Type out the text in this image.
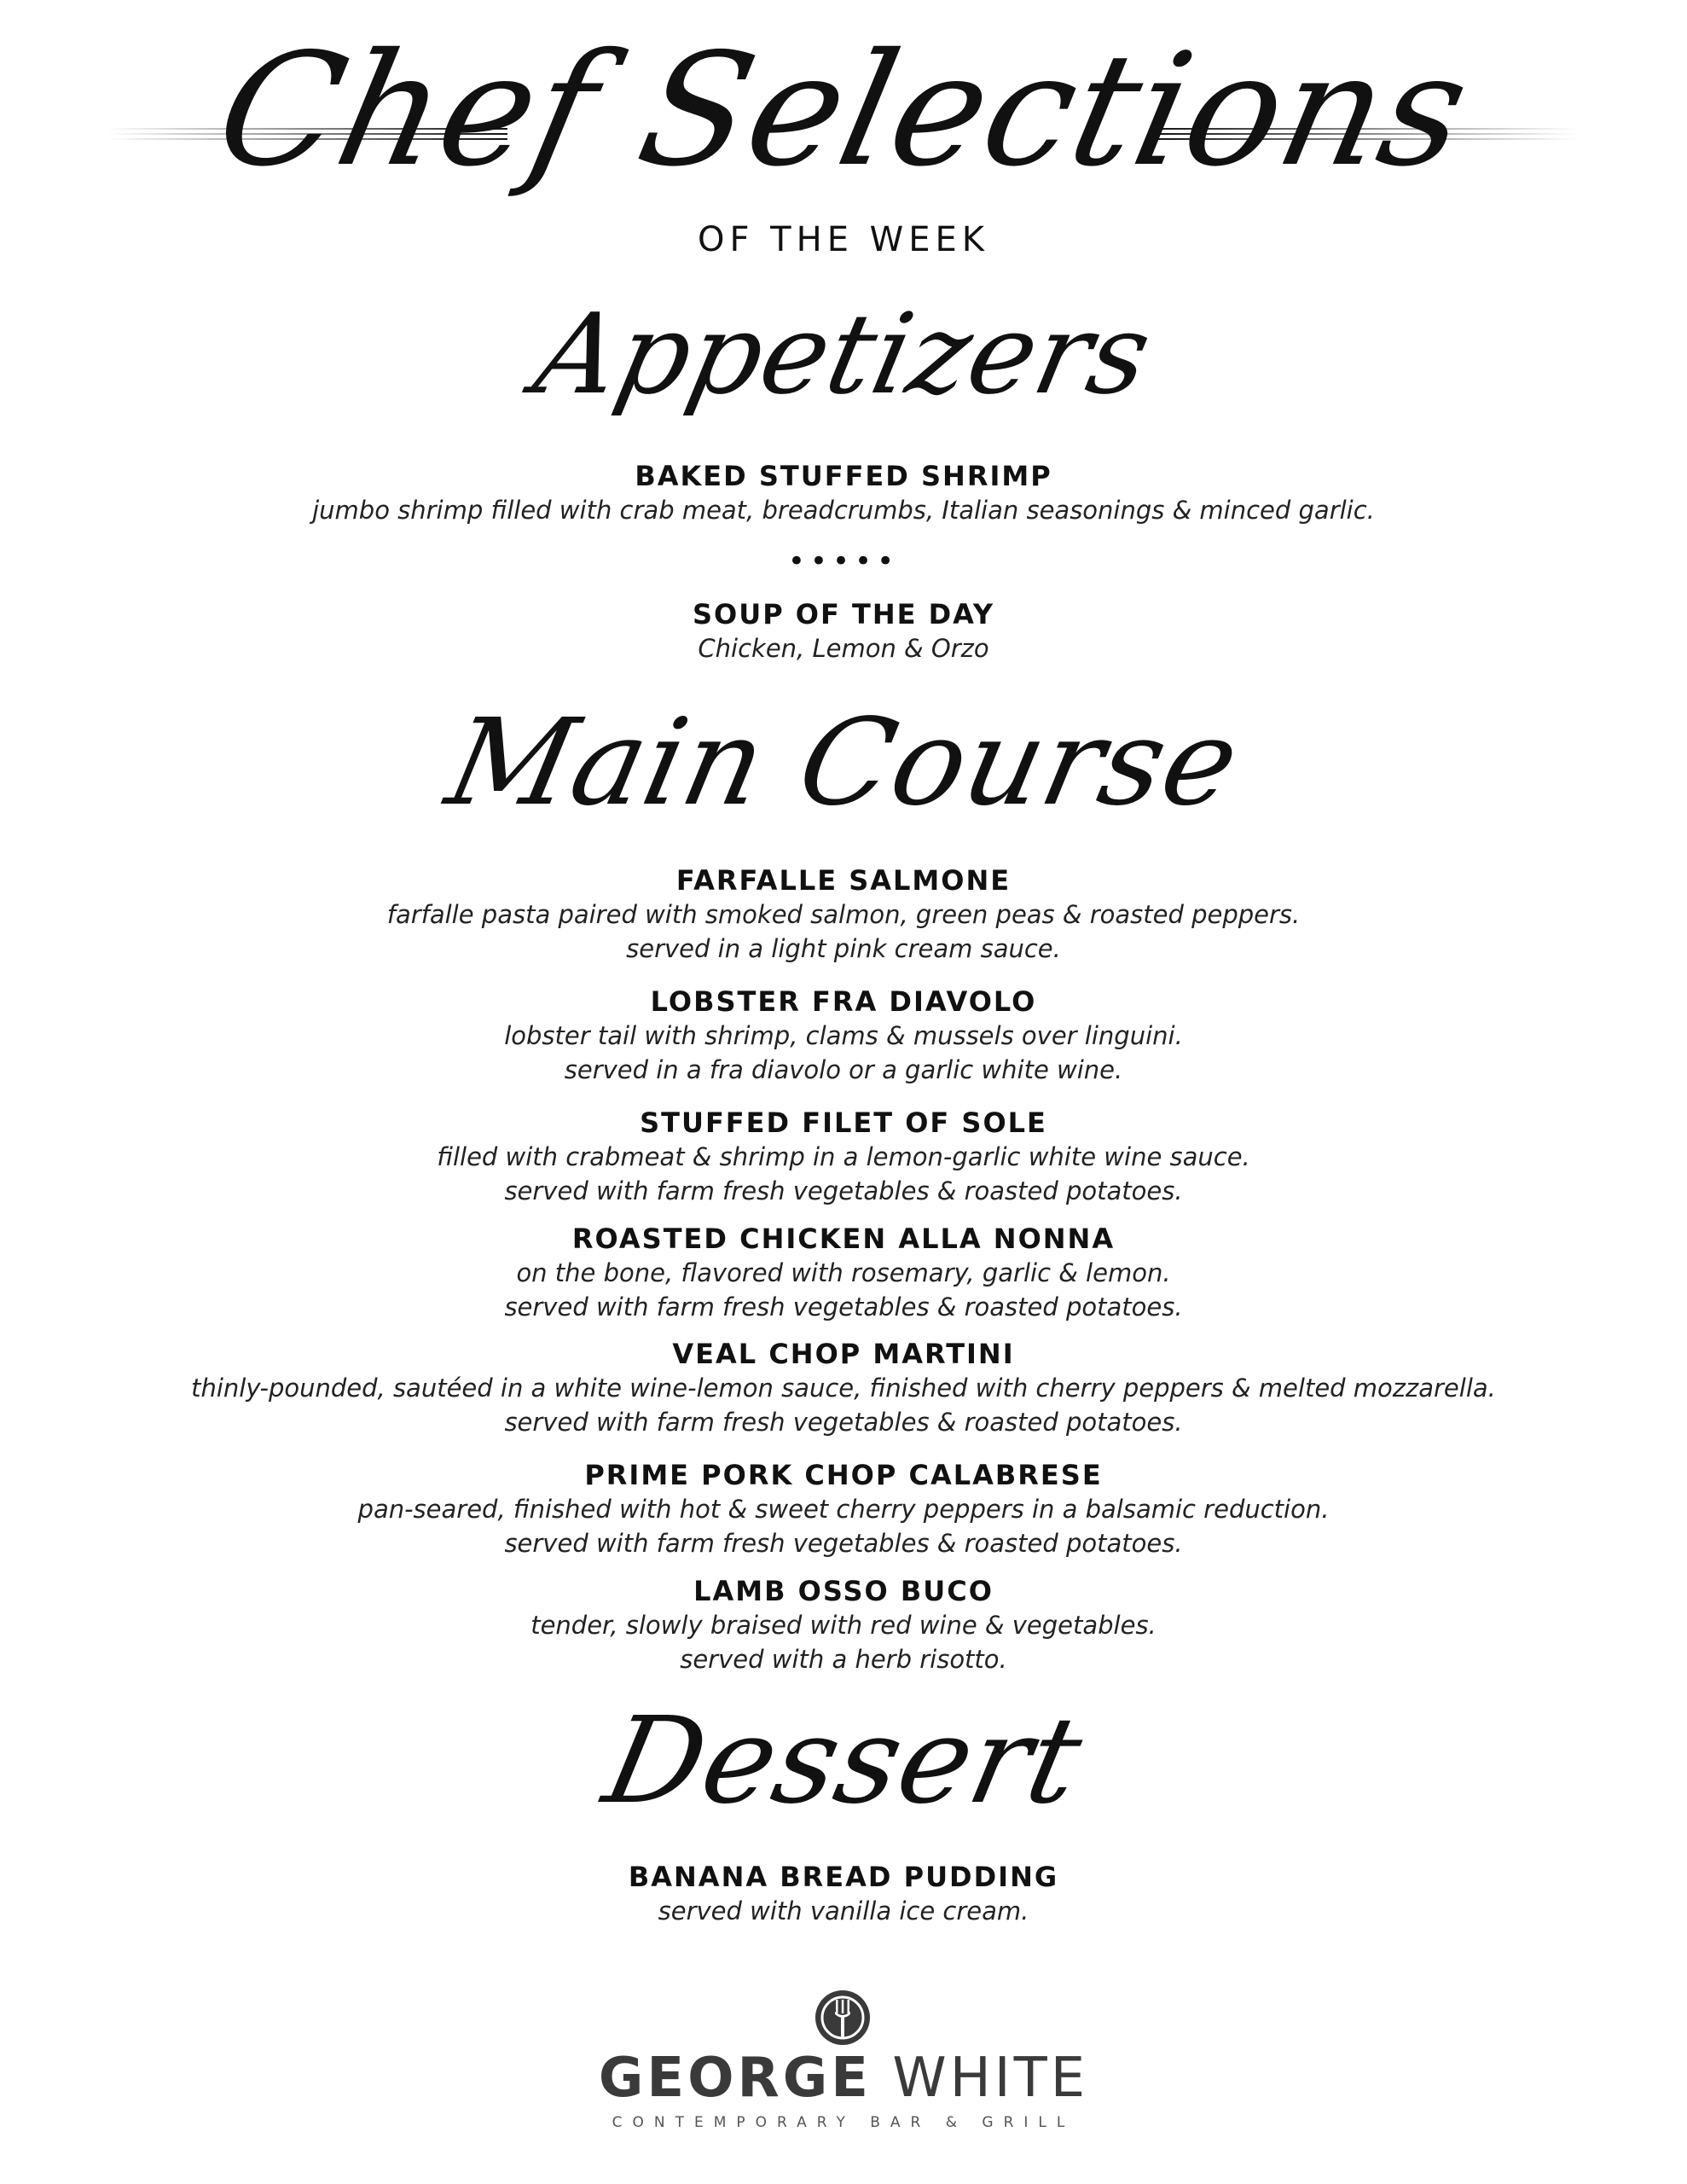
Chef Selections
OF THE WEEK
Appetizers
BAKED STUFFED SHRIMP
jumbo shrimp filled with crab meat, breadcrumbs, Italian seasonings & minced garlic.
•••••
SOUP OF THE DAY
Chicken, Lemon & Orzo
Main Course
FARFALLE SALMONE
farfalle pasta paired with smoked salmon, green peas & roasted peppers.
served in a light pink cream sauce.
LOBSTER FRA DIAVOLO
lobster tail with shrimp, clams & mussels over linguini.
served in a fra diavolo or a garlic white wine.
STUFFED FILET OF SOLE
filled with crabmeat & shrimp in a lemon-garlic white wine sauce.
served with farm fresh vegetables & roasted potatoes.
ROASTED CHICKEN ALLA NONNA
on the bone, flavored with rosemary, garlic & lemon.
served with farm fresh vegetables & roasted potatoes.
VEAL CHOP MARTINI
thinly-pounded, sautéed in a white wine-lemon sauce, finished with cherry peppers & melted mozzarella.
served with farm fresh vegetables & roasted potatoes.
PRIME PORK CHOP CALABRESE
pan-seared, finished with hot & sweet cherry peppers in a balsamic reduction.
served with farm fresh vegetables & roasted potatoes.
LAMB OSSO BUCO
tender, slowly braised with red wine & vegetables.
served with a herb risotto.
Dessert
BANANA BREAD PUDDING
served with vanilla ice cream.
GEORGE WHITE
CONTEMPORARY BAR & GRILL
